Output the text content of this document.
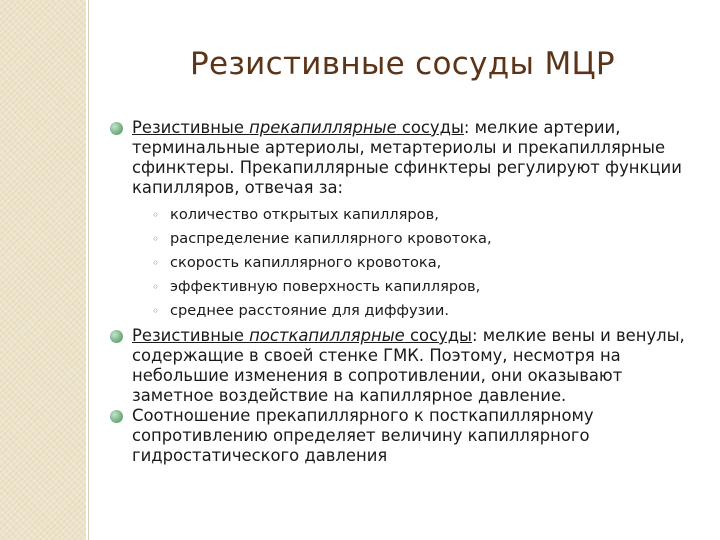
Резистивные сосуды МЦР
Резистивные прекапиллярные сосуды: мелкие артерии, терминальные артериолы, метартериолы и прекапиллярные сфинктеры. Прекапиллярные сфинктеры регулируют функции капилляров, отвечая за:
◦ количество открытых капилляров,
◦ распределение капиллярного кровотока,
◦ скорость капиллярного кровотока,
◦ эффективную поверхность капилляров,
◦ среднее расстояние для диффузии.
Резистивные посткапиллярные сосуды: мелкие вены и венулы, содержащие в своей стенке ГМК. Поэтому, несмотря на небольшие изменения в сопротивлении, они оказывают заметное воздействие на капиллярное давление.
Соотношение прекапиллярного к посткапиллярному сопротивлению определяет величину капиллярного гидростатического давления
